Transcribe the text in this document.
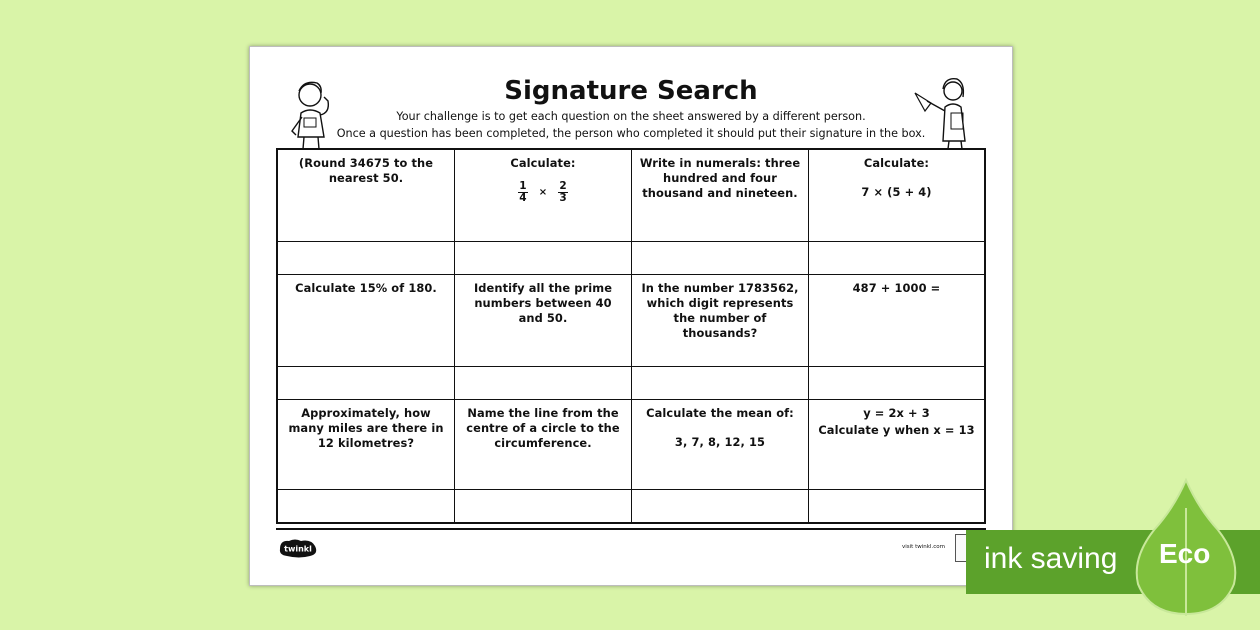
Signature Search
Your challenge is to get each question on the sheet answered by a different person.
Once a question has been completed, the person who completed it should put their signature in the box.
(Round 34675 to the nearest 50.
Calculate:
$\frac{1}{4} \times \frac{2}{3}$
Write in numerals: three hundred and four thousand and nineteen.
Calculate:
7 × (5 + 4)
Calculate 15% of 180.	Identify all the prime numbers between 40 and 50.
In the number 1783562, which digit represents the number of thousands?
487 + 1000 =
Approximately, how many miles are there in 12 kilometres?
Name the line from the centre of a circle to the circumference.
Calculate the mean of:
3, 7, 8, 12, 15
y = 2x + 3
Calculate y when x = 13
twinkl	visit twinkl.com ink saving Eco
